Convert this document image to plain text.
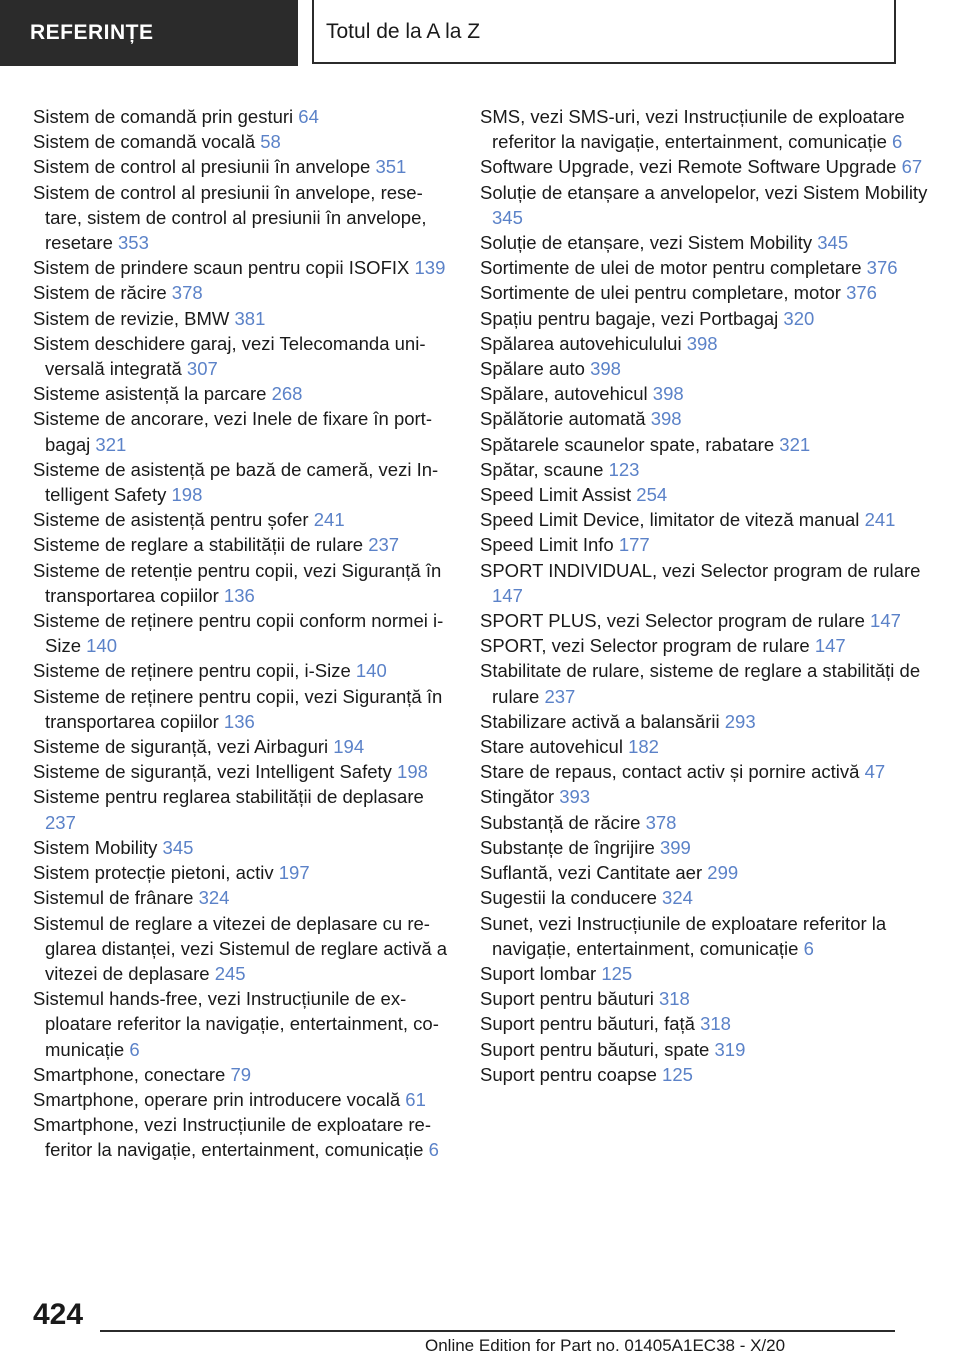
REFERINȚE	Totul de la A la Z

Sistem de comandă prin gesturi 64

Sistem de comandă vocală 58

Sistem de control al presiunii în anvelope 351

Sistem de control al presiunii în anvelope, resetare, sistem de control al presiunii în anvelope, resetare 353

Sistem de prindere scaun pentru copii ISOFIX 139

Sistem de răcire 378

Sistem de revizie, BMW 381

Sistem deschidere garaj, vezi Telecomanda universală integrată 307

Sisteme asistență la parcare 268

Sisteme de ancorare, vezi Inele de fixare în portbagaj 321

Sisteme de asistență pe bază de cameră, vezi Intelligent Safety 198

Sisteme de asistență pentru șofer 241

Sisteme de reglare a stabilității de rulare 237

Sisteme de retenție pentru copii, vezi Siguranță în transportarea copiilor 136

Sisteme de reținere pentru copii conform normei i-Size 140

Sisteme de reținere pentru copii, i-Size 140

Sisteme de reținere pentru copii, vezi Siguranță în transportarea copiilor 136

Sisteme de siguranță, vezi Airbaguri 194

Sisteme de siguranță, vezi Intelligent Safety 198

Sisteme pentru reglarea stabilității de deplasare 237

Sistem Mobility 345

Sistem protecție pietoni, activ 197

Sistemul de frânare 324

Sistemul de reglare a vitezei de deplasare cu reglarea distanței, vezi Sistemul de reglare activă a vitezei de deplasare 245

Sistemul hands-free, vezi Instrucțiunile de exploatare referitor la navigație, entertainment, comunicație 6

Smartphone, conectare 79

Smartphone, operare prin introducere vocală 61

Smartphone, vezi Instrucțiunile de exploatare referitor la navigație, entertainment, comunicație 6

SMS, vezi SMS-uri, vezi Instrucțiunile de exploatare referitor la navigație, entertainment, comunicație 6

Software Upgrade, vezi Remote Software Upgrade 67

Soluție de etanșare a anvelopelor, vezi Sistem Mobility 345

Soluție de etanșare, vezi Sistem Mobility 345

Sortimente de ulei de motor pentru completare 376

Sortimente de ulei pentru completare, motor 376

Spațiu pentru bagaje, vezi Portbagaj 320

Spălarea autovehiculului 398

Spălare auto 398

Spălare, autovehicul 398

Spălătorie automată 398

Spătarele scaunelor spate, rabatare 321

Spătar, scaune 123

Speed Limit Assist 254

Speed Limit Device, limitator de viteză manual 241

Speed Limit Info 177

SPORT INDIVIDUAL, vezi Selector program de rulare 147

SPORT PLUS, vezi Selector program de rulare 147

SPORT, vezi Selector program de rulare 147

Stabilitate de rulare, sisteme de reglare a stabilități de rulare 237

Stabilizare activă a balansării 293

Stare autovehicul 182

Stare de repaus, contact activ și pornire activă 47

Stingător 393

Substanță de răcire 378

Substanțe de îngrijire 399

Suflantă, vezi Cantitate aer 299

Sugestii la conducere 324

Sunet, vezi Instrucțiunile de exploatare referitor la navigație, entertainment, comunicație 6

Suport lombar 125

Suport pentru băuturi 318

Suport pentru băuturi, față 318

Suport pentru băuturi, spate 319

Suport pentru coapse 125

424
Online Edition for Part no. 01405A1EC38 - X/20
